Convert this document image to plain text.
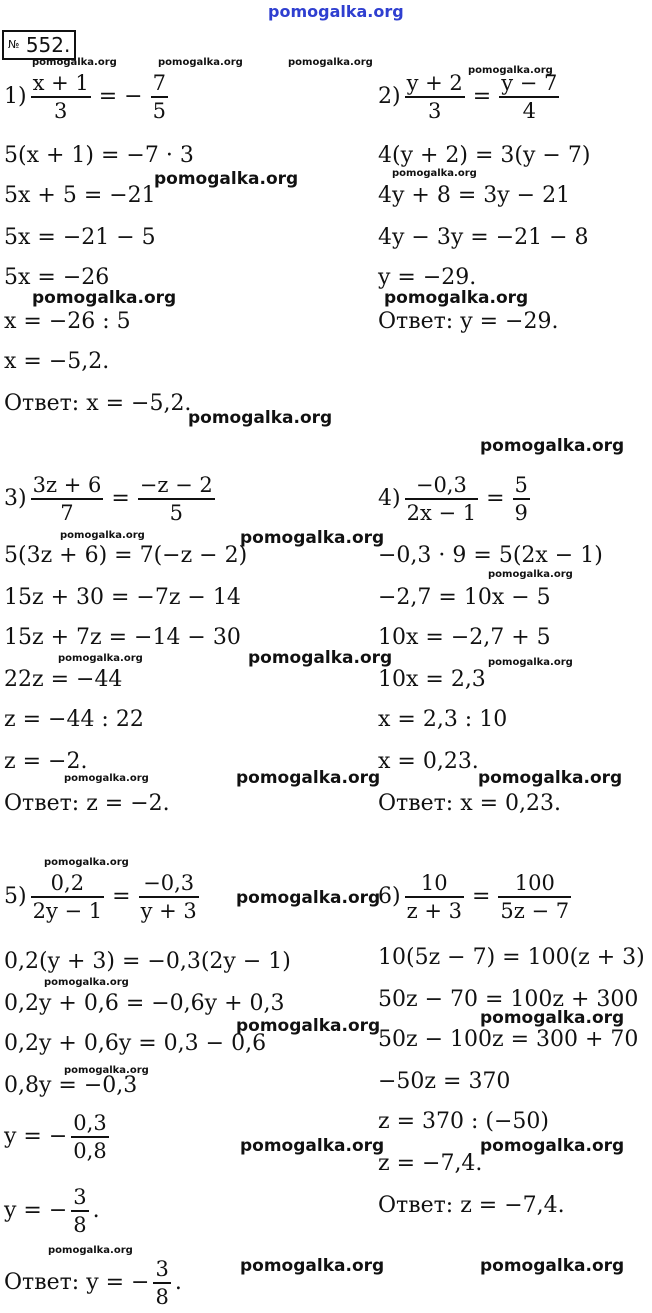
pomogalka.org
pomogalka.org	pomogalka.org	pomogalka.org
pomogalka.org
pomogalka.org
pomogalka.org
pomogalka.org	pomogalka.org
pomogalka.org
pomogalka.org
pomogalka.org	pomogalka.org
pomogalka.org
pomogalka.org	pomogalka.org	pomogalka.org
pomogalka.org	pomogalka.org	pomogalka.org
pomogalka.org
pomogalka.org
pomogalka.org
pomogalka.org	pomogalka.org
pomogalka.org
pomogalka.org	pomogalka.org
pomogalka.org
pomogalka.org	pomogalka.org
№ 552.
$1) \frac{x + 1}{3}$ = − $\frac{7}{5}$
5(x + 1) = −7 · 3
5x + 5 = −21
5x = −21 − 5
5x = −26
x = −26 : 5
x = −5,2.
Ответ: x = −5,2.
$2) \frac{y + 2}{3} = \frac{y - 7}{4}$
4(y + 2) = 3(y − 7)
4y + 8 = 3y − 21
4y − 3y = −21 − 8
y = −29.
Ответ: y = −29.
$3) \frac{3z + 6}{7} = \frac{-z - 2}{5}$
5(3z + 6) = 7(−z − 2)
15z + 30 = −7z − 14
15z + 7z = −14 − 30
22z = −44
z = −44 : 22
z = −2.
Ответ: z = −2.
$4) \frac{-0,3}{2x - 1} = \frac{5}{9}$
−0,3 · 9 = 5(2x − 1)
−2,7 = 10x − 5
10x = −2,7 + 5
10x = 2,3
x = 2,3 : 10
x = 0,23.
Ответ: x = 0,23.
$5) \frac{0,2}{2y - 1} = \frac{-0,3}{y + 3}$
0,2(y + 3) = −0,3(2y − 1)
0,2y + 0,6 = −0,6y + 0,3
0,2y + 0,6y = 0,3 − 0,6
0,8y = −0,3
y = − $\frac{0,3}{0,8}$
y = − $\frac{3}{8}$ .
Ответ: y = − $\frac{3}{8}$ .
$6) \frac{10}{z + 3} = \frac{100}{5z - 7}$
10(5z − 7) = 100(z + 3)
50z − 70 = 100z + 300
50z − 100z = 300 + 70
−50z = 370
z = 370 : (−50)
z = −7,4.
Ответ: z = −7,4.
